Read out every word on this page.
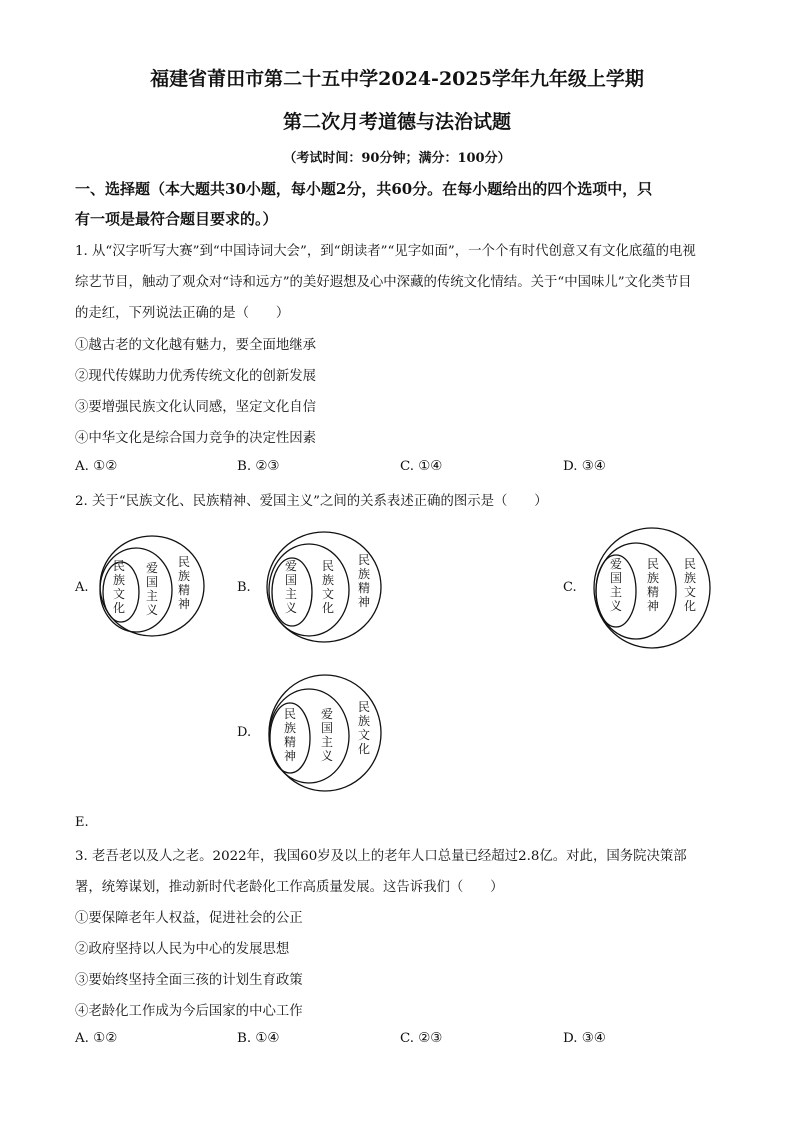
福建省莆田市第二十五中学2024-2025学年九年级上学期
第二次月考道德与法治试题
（考试时间：90分钟；满分：100分）
一、选择题（本大题共30小题，每小题2分，共60分。在每小题给出的四个选项中，只
有一项是最符合题目要求的。）
1. 从“汉字听写大赛”到“中国诗词大会”，到“朗读者”“见字如面”，一个个有时代创意又有文化底蕴的电视
综艺节目，触动了观众对“诗和远方”的美好遐想及心中深藏的传统文化情结。关于“中国味儿”文化类节目
的走红，下列说法正确的是（　　）
①越古老的文化越有魅力，要全面地继承
②现代传媒助力优秀传统文化的创新发展
③要增强民族文化认同感，坚定文化自信
④中华文化是综合国力竞争的决定性因素
A. ①②	B. ②③	C. ①④	D. ③④
2. 关于“民族文化、民族精神、爱国主义”之间的关系表述正确的图示是（　　）
A.	B.	C.
D.
民族文化
爱国主义
民族精神
爱国主义
民族文化
民族精神
爱国主义
民族精神
民族文化
民族精神
爱国主义
民族文化
E.
3. 老吾老以及人之老。2022年，我国60岁及以上的老年人口总量已经超过2.8亿。对此，国务院决策部
署，统筹谋划，推动新时代老龄化工作高质量发展。这告诉我们（　　）
①要保障老年人权益，促进社会的公正
②政府坚持以人民为中心的发展思想
③要始终坚持全面三孩的计划生育政策
④老龄化工作成为今后国家的中心工作
A. ①②	B. ①④	C. ②③	D. ③④
